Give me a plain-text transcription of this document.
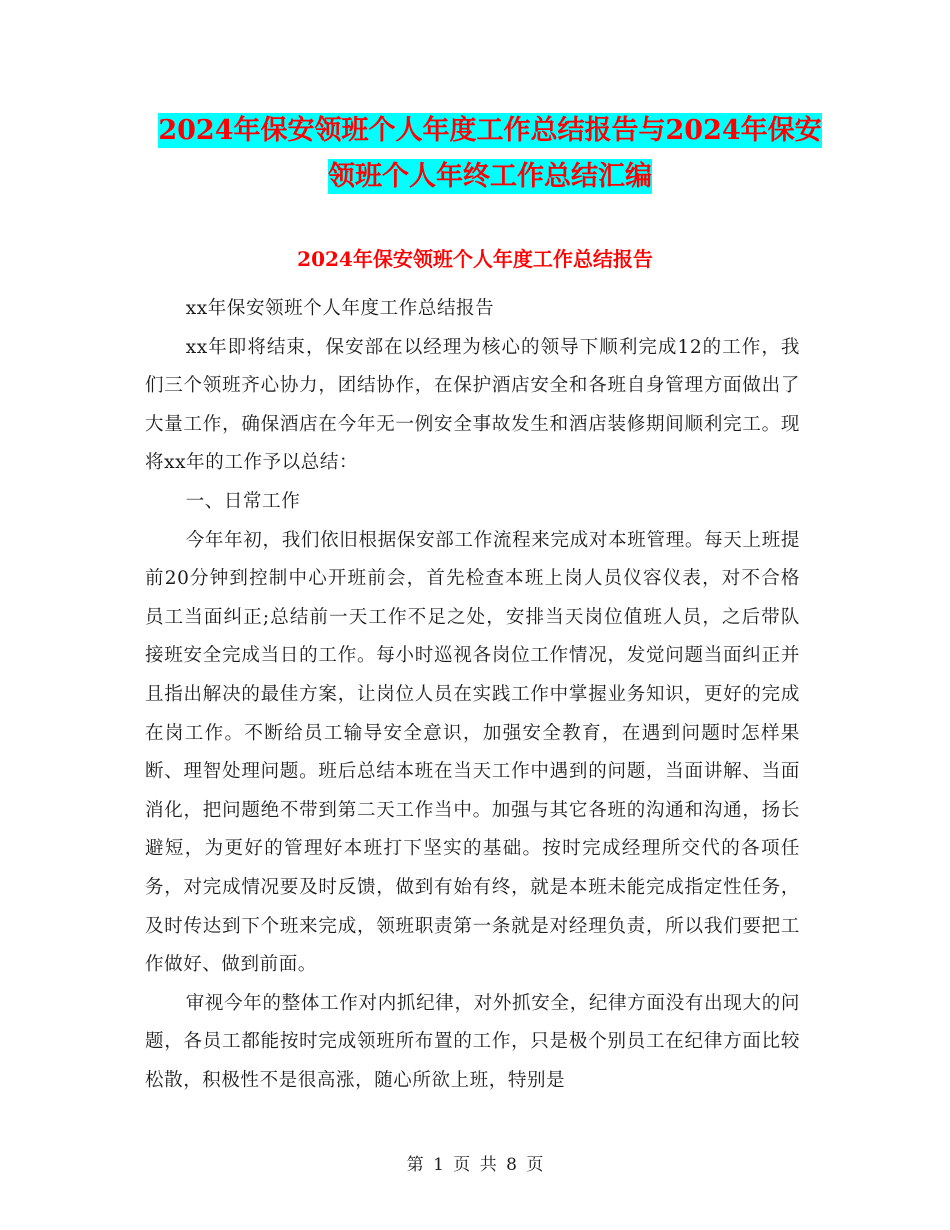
2024年保安领班个人年度工作总结报告与2024年保安
领班个人年终工作总结汇编
2024年保安领班个人年度工作总结报告

xx年保安领班个人年度工作总结报告

xx年即将结束，保安部在以经理为核心的领导下顺利完成12的工作，我们三个领班齐心协力，团结协作，在保护酒店安全和各班自身管理方面做出了大量工作，确保酒店在今年无一例安全事故发生和酒店装修期间顺利完工。现将xx年的工作予以总结：

一、日常工作

今年年初，我们依旧根据保安部工作流程来完成对本班管理。每天上班提前20分钟到控制中心开班前会，首先检查本班上岗人员仪容仪表，对不合格员工当面纠正;总结前一天工作不足之处，安排当天岗位值班人员，之后带队接班安全完成当日的工作。每小时巡视各岗位工作情况，发觉问题当面纠正并且指出解决的最佳方案，让岗位人员在实践工作中掌握业务知识，更好的完成在岗工作。不断给员工输导安全意识，加强安全教育，在遇到问题时怎样果断、理智处理问题。班后总结本班在当天工作中遇到的问题，当面讲解、当面消化，把问题绝不带到第二天工作当中。加强与其它各班的沟通和沟通，扬长避短，为更好的管理好本班打下坚实的基础。按时完成经理所交代的各项任务，对完成情况要及时反馈，做到有始有终，就是本班未能完成指定性任务，及时传达到下个班来完成，领班职责第一条就是对经理负责，所以我们要把工作做好、做到前面。

审视今年的整体工作对内抓纪律，对外抓安全，纪律方面没有出现大的问题，各员工都能按时完成领班所布置的工作，只是极个别员工在纪律方面比较松散，积极性不是很高涨，随心所欲上班，特别是

第 1 页 共 8 页
